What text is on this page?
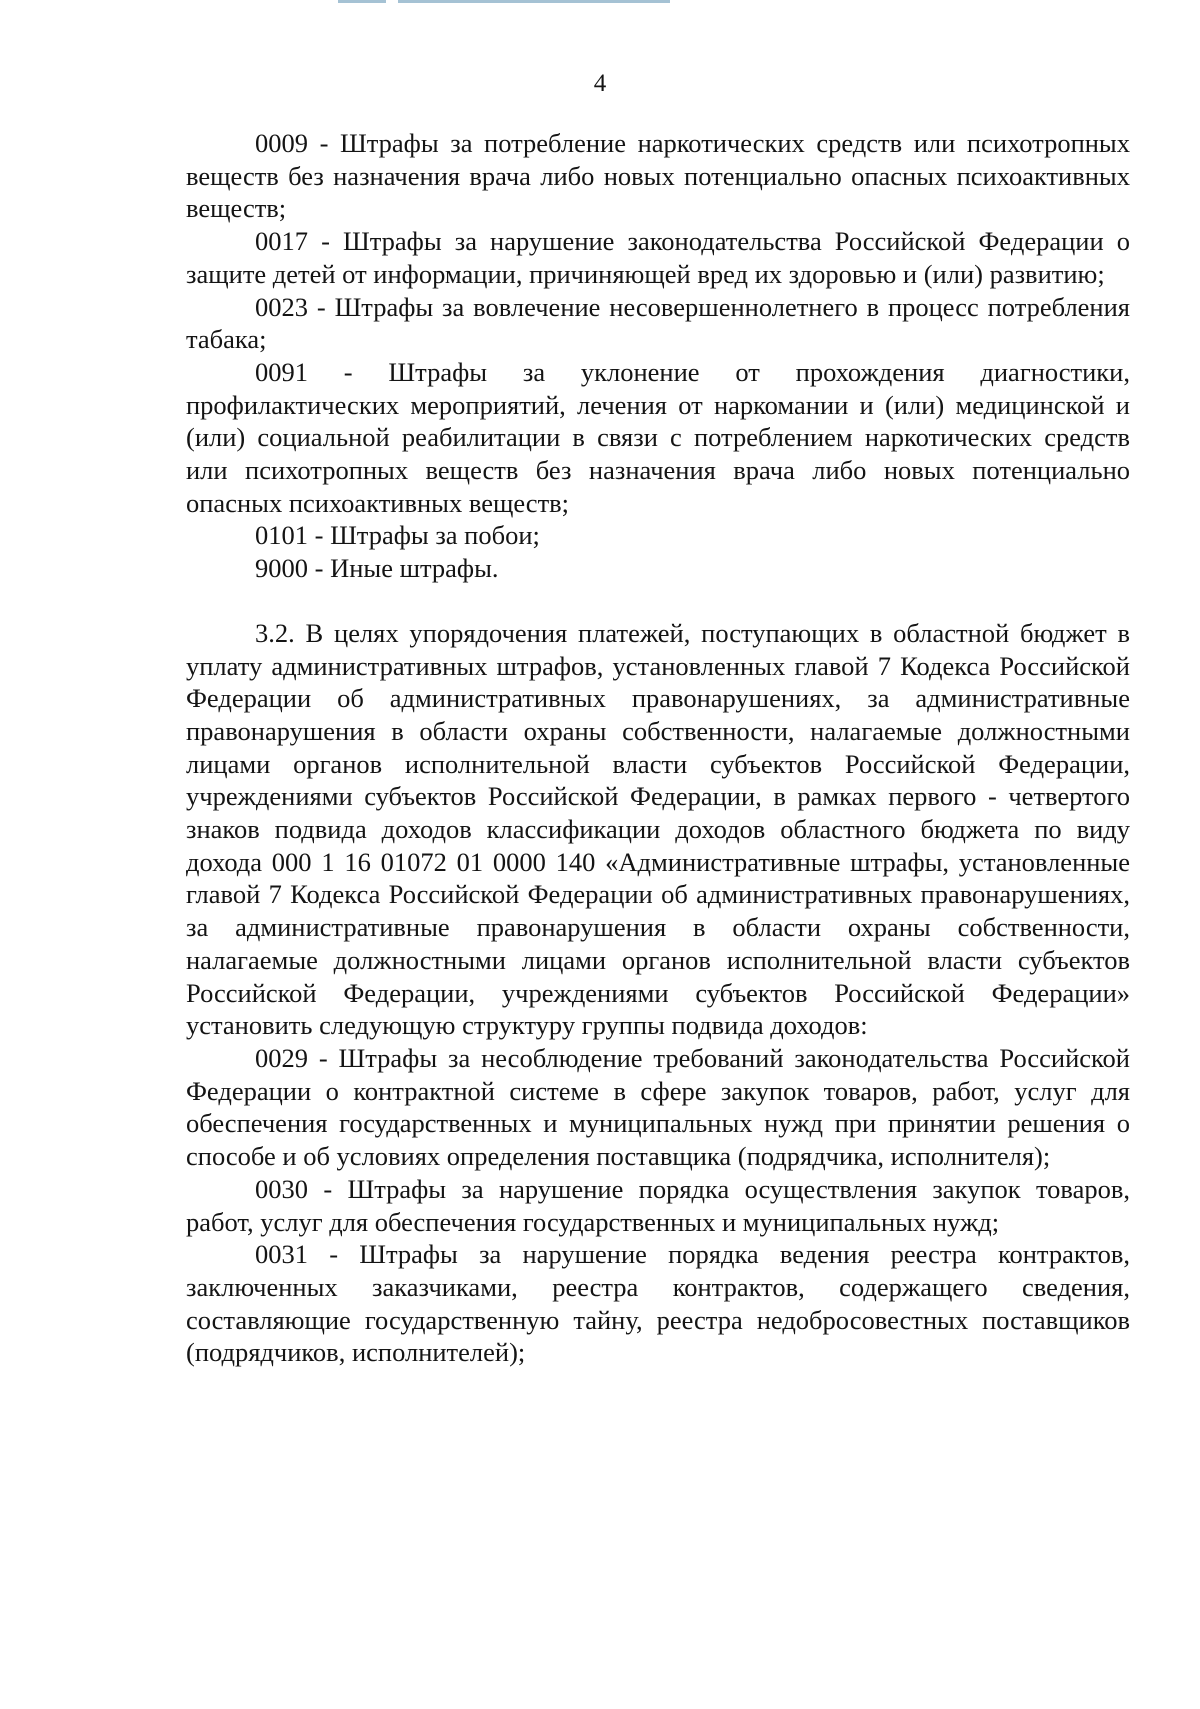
4

0009 - Штрафы за потребление наркотических средств или психотропных веществ без назначения врача либо новых потенциально опасных психоактивных веществ;

0017 - Штрафы за нарушение законодательства Российской Федерации о защите детей от информации, причиняющей вред их здоровью и (или) развитию;

0023 - Штрафы за вовлечение несовершеннолетнего в процесс потребления табака;

0091 - Штрафы за уклонение от прохождения диагностики, профилактических мероприятий, лечения от наркомании и (или) медицинской и (или) социальной реабилитации в связи с потреблением наркотических средств или психотропных веществ без назначения врача либо новых потенциально опасных психоактивных веществ;

0101 - Штрафы за побои;

9000 - Иные штрафы.

3.2. В целях упорядочения платежей, поступающих в областной бюджет в уплату административных штрафов, установленных главой 7 Кодекса Российской Федерации об административных правонарушениях, за административные правонарушения в области охраны собственности, налагаемые должностными лицами органов исполнительной власти субъектов Российской Федерации, учреждениями субъектов Российской Федерации, в рамках первого - четвертого знаков подвида доходов классификации доходов областного бюджета по виду дохода 000 1 16 01072 01 0000 140 «Административные штрафы, установленные главой 7 Кодекса Российской Федерации об административных правонарушениях, за административные правонарушения в области охраны собственности, налагаемые должностными лицами органов исполнительной власти субъектов Российской Федерации, учреждениями субъектов Российской Федерации» установить следующую структуру группы подвида доходов:

0029 - Штрафы за несоблюдение требований законодательства Российской Федерации о контрактной системе в сфере закупок товаров, работ, услуг для обеспечения государственных и муниципальных нужд при принятии решения о способе и об условиях определения поставщика (подрядчика, исполнителя);

0030 - Штрафы за нарушение порядка осуществления закупок товаров, работ, услуг для обеспечения государственных и муниципальных нужд;

0031 - Штрафы за нарушение порядка ведения реестра контрактов, заключенных заказчиками, реестра контрактов, содержащего сведения, составляющие государственную тайну, реестра недобросовестных поставщиков (подрядчиков, исполнителей);
